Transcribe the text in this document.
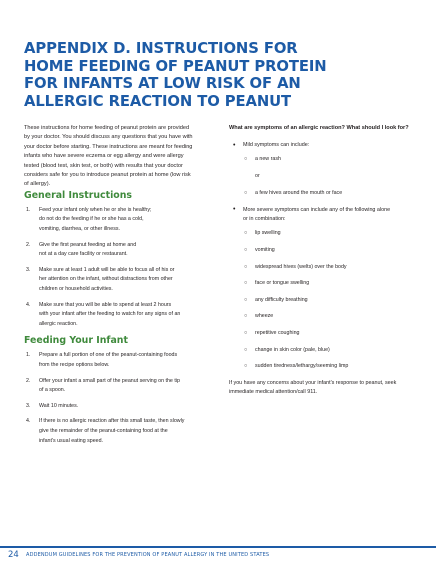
APPENDIX D. INSTRUCTIONS FOR
HOME FEEDING OF PEANUT PROTEIN
FOR INFANTS AT LOW RISK OF AN
ALLERGIC REACTION TO PEANUT

These instructions for home feeding of peanut protein are provided
by your doctor. You should discuss any questions that you have with
your doctor before starting. These instructions are meant for feeding
infants who have severe eczema or egg allergy and were allergy
tested (blood test, skin test, or both) with results that your doctor
considers safe for you to introduce peanut protein at home (low risk
of allergy).

General Instructions
1. Feed your infant only when he or she is healthy;
do not do the feeding if he or she has a cold,
vomiting, diarrhea, or other illness.
2. Give the first peanut feeding at home and
not at a day care facility or restaurant.
3. Make sure at least 1 adult will be able to focus all of his or
her attention on the infant, without distractions from other
children or household activities.
4. Make sure that you will be able to spend at least 2 hours
with your infant after the feeding to watch for any signs of an
allergic reaction.
Feeding Your Infant
1. Prepare a full portion of one of the peanut-containing foods
from the recipe options below.
2. Offer your infant a small part of the peanut serving on the tip
of a spoon.
3. Wait 10 minutes.
4. If there is no allergic reaction after this small taste, then slowly
give the remainder of the peanut-containing food at the
infant's usual eating speed.

What are symptoms of an allergic reaction? What should I look for?

• Mild symptoms can include:
○ a new rash
or
○ a few hives around the mouth or face
• More severe symptoms can include any of the following alone
or in combination:
○ lip swelling
○ vomiting
○ widespread hives (welts) over the body
○ face or tongue swelling
○ any difficulty breathing
○ wheeze
○ repetitive coughing
○ change in skin color (pale, blue)
○ sudden tiredness/lethargy/seeming limp

If you have any concerns about your infant's response to peanut, seek
immediate medical attention/call 911.

24 ADDENDUM GUIDELINES FOR THE PREVENTION OF PEANUT ALLERGY IN THE UNITED STATES
